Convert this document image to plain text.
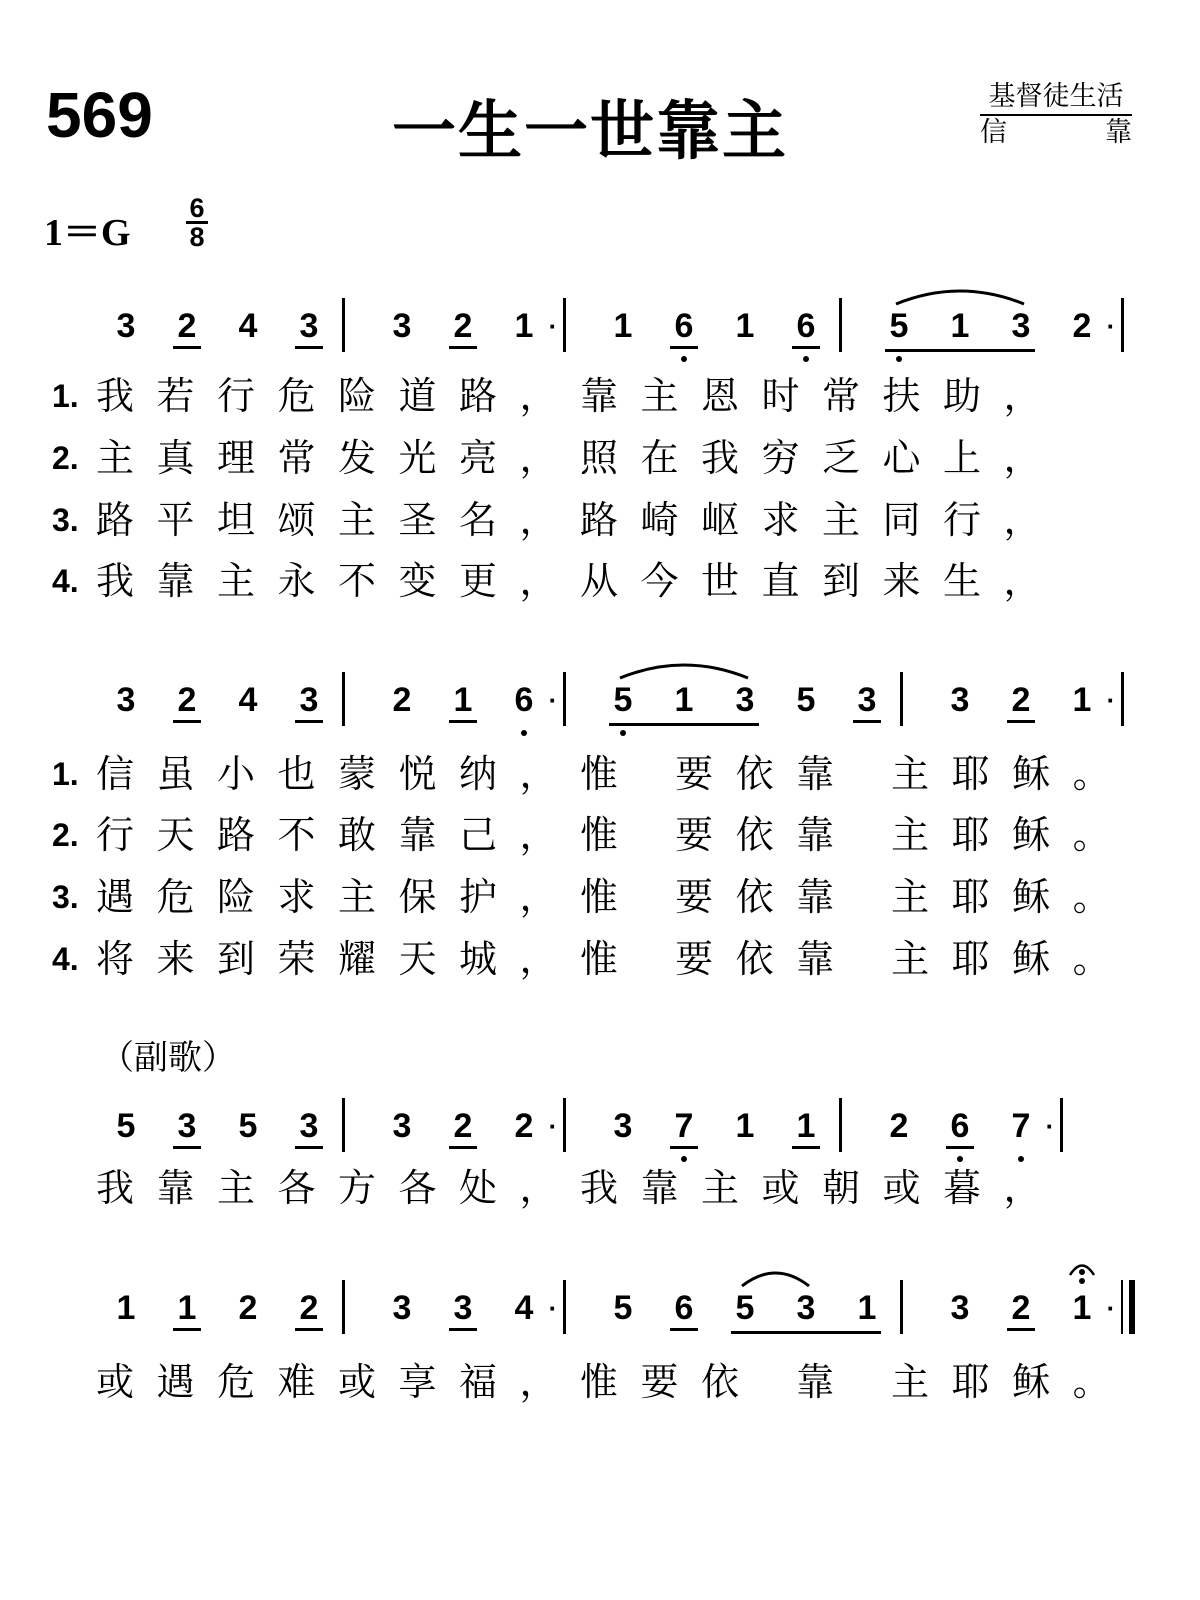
569	一生一世靠主	基督徒生活
信	靠
1＝G
6
8
（副歌）
3	2	4	3	3	2	1 ·	1	6	1	6	5	1	3	2 ·
1. 我若行危险道路，靠主恩时常扶助，
2. 主真理常发光亮，照在我穷乏心上，
3. 路平坦颂主圣名，路崎岖求主同行，
4. 我靠主永不变更，从今世直到来生，
3	2	4	3	2	1	6 ·	5	1	3	5	3	3	2	1 ·
1. 信虽小也蒙悦纳，惟 要依靠 主耶稣。
2. 行天路不敢靠己，惟 要依靠 主耶稣。
3. 遇危险求主保护，惟 要依靠 主耶稣。
4. 将来到荣耀天城，惟 要依靠 主耶稣。
5	3	5	3	3	2	2 ·	3	7	1	1	2	6	7 ·
我靠主各方各处，我靠主或朝或暮，
1	1	2	2	3	3	4 ·	5	6	5	3	1	3	2	1 ·
或遇危难或享福，惟要依 靠 主耶稣。
